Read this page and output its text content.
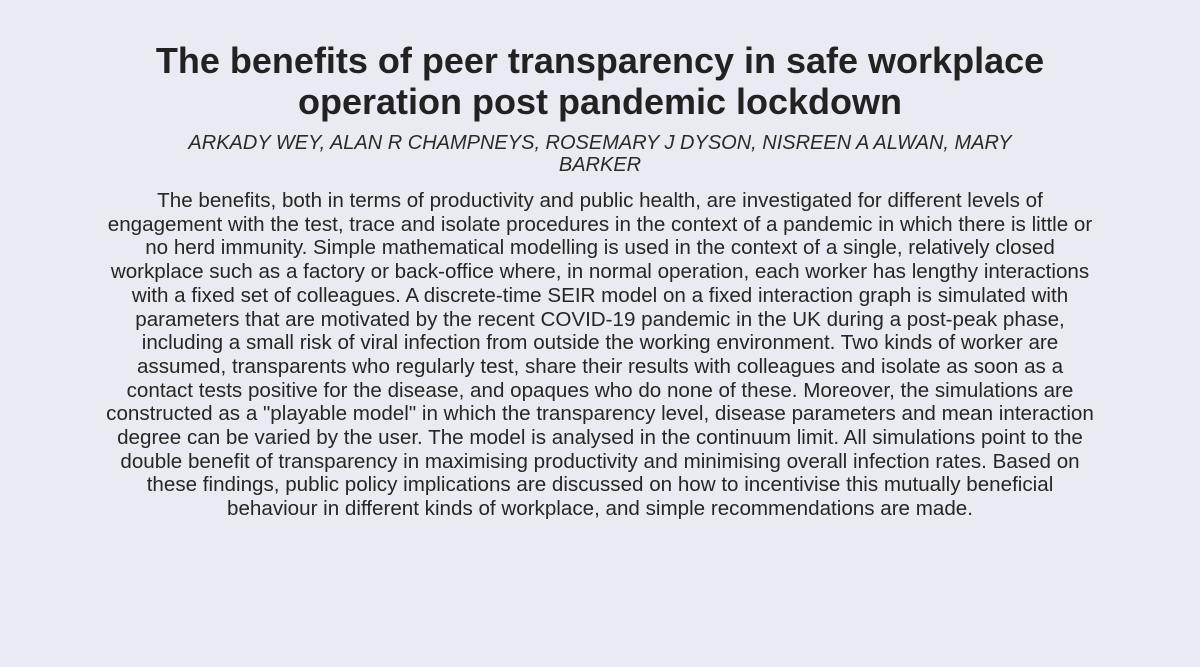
The benefits of peer transparency in safe workplace operation post pandemic lockdown
ARKADY WEY, ALAN R CHAMPNEYS, ROSEMARY J DYSON, NISREEN A ALWAN, MARY BARKER

The benefits, both in terms of productivity and public health, are investigated for different levels of engagement with the test, trace and isolate procedures in the context of a pandemic in which there is little or no herd immunity. Simple mathematical modelling is used in the context of a single, relatively closed workplace such as a factory or back-office where, in normal operation, each worker has lengthy interactions with a fixed set of colleagues. A discrete-time SEIR model on a fixed interaction graph is simulated with parameters that are motivated by the recent COVID-19 pandemic in the UK during a post-peak phase, including a small risk of viral infection from outside the working environment. Two kinds of worker are assumed, transparents who regularly test, share their results with colleagues and isolate as soon as a contact tests positive for the disease, and opaques who do none of these. Moreover, the simulations are constructed as a "playable model" in which the transparency level, disease parameters and mean interaction degree can be varied by the user. The model is analysed in the continuum limit. All simulations point to the double benefit of transparency in maximising productivity and minimising overall infection rates. Based on these findings, public policy implications are discussed on how to incentivise this mutually beneficial behaviour in different kinds of workplace, and simple recommendations are made.
